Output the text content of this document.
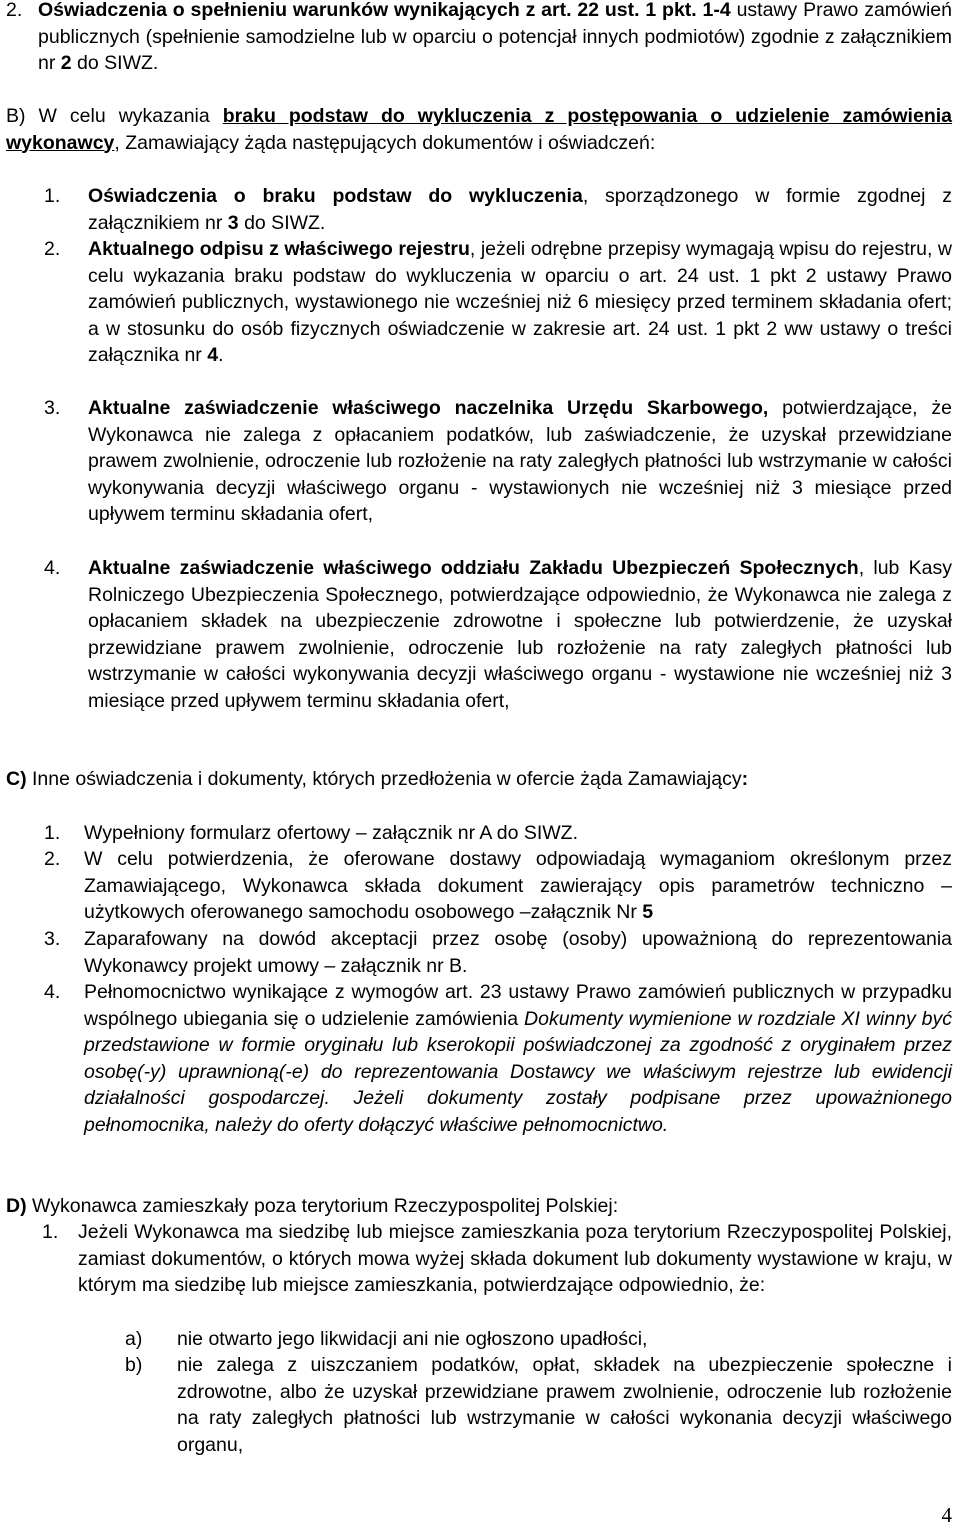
2. Oświadczenia o spełnieniu warunków wynikających z art. 22 ust. 1 pkt. 1-4 ustawy Prawo zamówień publicznych (spełnienie samodzielne lub w oparciu o potencjał innych podmiotów) zgodnie z załącznikiem nr 2 do SIWZ.

B) W celu wykazania braku podstaw do wykluczenia z postępowania o udzielenie zamówienia wykonawcy, Zamawiający żąda następujących dokumentów i oświadczeń:

1.	Oświadczenia o braku podstaw do wykluczenia, sporządzonego w formie zgodnej z załącznikiem nr 3 do SIWZ.

2.	Aktualnego odpisu z właściwego rejestru, jeżeli odrębne przepisy wymagają wpisu do rejestru, w celu wykazania braku podstaw do wykluczenia w oparciu o art. 24 ust. 1 pkt 2 ustawy Prawo zamówień publicznych, wystawionego nie wcześniej niż 6 miesięcy przed terminem składania ofert; a w stosunku do osób fizycznych oświadczenie w zakresie art. 24 ust. 1 pkt 2 ww ustawy o treści załącznika nr 4.

3.	Aktualne zaświadczenie właściwego naczelnika Urzędu Skarbowego, potwierdzające, że Wykonawca nie zalega z opłacaniem podatków, lub zaświadczenie, że uzyskał przewidziane prawem zwolnienie, odroczenie lub rozłożenie na raty zaległych płatności lub wstrzymanie w całości wykonywania decyzji właściwego organu - wystawionych nie wcześniej niż 3 miesiące przed upływem terminu składania ofert,

4.	Aktualne zaświadczenie właściwego oddziału Zakładu Ubezpieczeń Społecznych, lub Kasy Rolniczego Ubezpieczenia Społecznego, potwierdzające odpowiednio, że Wykonawca nie zalega z opłacaniem składek na ubezpieczenie zdrowotne i społeczne lub potwierdzenie, że uzyskał przewidziane prawem zwolnienie, odroczenie lub rozłożenie na raty zaległych płatności lub wstrzymanie w całości wykonywania decyzji właściwego organu - wystawione nie wcześniej niż 3 miesiące przed upływem terminu składania ofert,

C) Inne oświadczenia i dokumenty, których przedłożenia w ofercie żąda Zamawiający:

1.	Wypełniony formularz ofertowy – załącznik nr A do SIWZ.

2.	W celu potwierdzenia, że oferowane dostawy odpowiadają wymaganiom określonym przez Zamawiającego, Wykonawca składa dokument zawierający opis parametrów techniczno – użytkowych oferowanego samochodu osobowego –załącznik Nr 5

3.	Zaparafowany na dowód akceptacji przez osobę (osoby) upoważnioną do reprezentowania Wykonawcy projekt umowy – załącznik nr B.

4.	Pełnomocnictwo wynikające z wymogów art. 23 ustawy Prawo zamówień publicznych w przypadku wspólnego ubiegania się o udzielenie zamówienia Dokumenty wymienione w rozdziale XI winny być przedstawione w formie oryginału lub kserokopii poświadczonej za zgodność z oryginałem przez osobę(-y) uprawnioną(-e) do reprezentowania Dostawcy we właściwym rejestrze lub ewidencji działalności gospodarczej. Jeżeli dokumenty zostały podpisane przez upoważnionego pełnomocnika, należy do oferty dołączyć właściwe pełnomocnictwo.

D) Wykonawca zamieszkały poza terytorium Rzeczypospolitej Polskiej:

1.	Jeżeli Wykonawca ma siedzibę lub miejsce zamieszkania poza terytorium Rzeczypospolitej Polskiej, zamiast dokumentów, o których mowa wyżej składa dokument lub dokumenty wystawione w kraju, w którym ma siedzibę lub miejsce zamieszkania, potwierdzające odpowiednio, że:

a)	nie otwarto jego likwidacji ani nie ogłoszono upadłości,

b)	nie zalega z uiszczaniem podatków, opłat, składek na ubezpieczenie społeczne i zdrowotne, albo że uzyskał przewidziane prawem zwolnienie, odroczenie lub rozłożenie na raty zaległych płatności lub wstrzymanie w całości wykonania decyzji właściwego organu,

4
